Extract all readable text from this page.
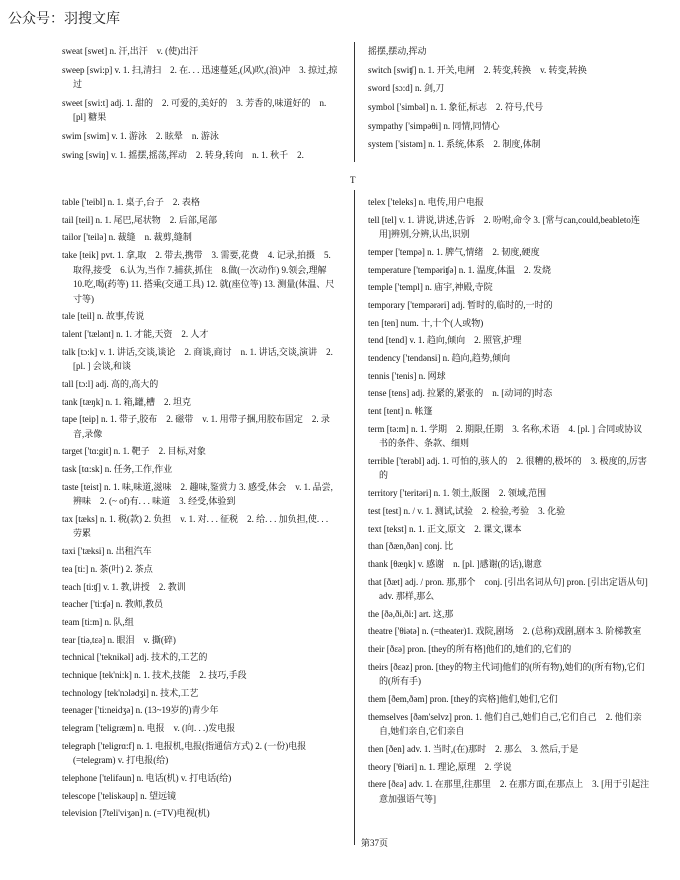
公众号：羽搜文库
sweat [swet] n. 汗,出汗　v. (使)出汗
sweep [swi:p] v. 1. 扫,清扫　2. 在. . . 迅速蔓延,(风)吹,(浪)冲　3. 掠过,掠过
sweet [swi:t] adj. 1. 甜的　2. 可爱的,美好的　3. 芳香的,味道好的　n. [pl] 糖果
swim [swim] v. 1. 游泳　2. 眩晕　n. 游泳
swing [swiŋ] v. 1. 摇摆,摇荡,挥动　2. 转身,转向　n. 1. 秋千　2.
摇摆,摆动,挥动
switch [swiʧ] n. 1. 开关,电闸　2. 转变,转换　v. 转变,转换
sword [sɔ:d] n. 剑,刀
symbol ['simbəl] n. 1. 象征,标志　2. 符号,代号
sympathy ['simpəθi] n. 同情,同情心
system ['sistəm] n. 1. 系统,体系　2. 制度,体制
T
table ['teibl] n. 1. 桌子,台子　2. 表格
tail [teil] n. 1. 尾巴,尾状物　2. 后部,尾部
tailor ['teilə] n. 裁缝　n. 裁剪,缝制
take [teik] pvt. 1. 拿,取　2. 带去,携带　3. 需要,花费　4. 记录,拍摄　5.取得,接受　6.认为,当作 7.捕获,抓住　8.做(一次动作) 9.领会,理解　10.吃,喝(药等) 11. 搭乘(交通工具) 12. 就(座位等) 13. 测量(体温、尺寸等)
tale [teil] n. 故事,传说
talent ['tælənt] n. 1. 才能,天资　2. 人才
talk [tɔ:k] v. 1. 讲话,交谈,谈论　2. 商谈,商讨　n. 1. 讲话,交谈,演讲　2. [pl. ] 会谈,和谈
tall [tɔ:l] adj. 高的,高大的
tank [tæŋk] n. 1. 箱,罐,槽　2. 坦克
tape [teip] n. 1. 带子,胶布　2. 磁带　v. 1. 用带子捆,用胶布固定　2. 录音,录像
target ['tɑ:git] n. 1. 靶子　2. 目标,对象
task [tɑ:sk] n. 任务,工作,作业
taste [teist] n. 1. 味,味道,滋味　2. 趣味,鉴赏力 3. 感受,体会　v. 1. 品尝,辨味　2. (~ of)有. . . 味道　3. 经受,体验到
tax [tæks] n. 1. 税(款) 2. 负担　v. 1. 对. . . 征税　2. 给. . . 加负担,使. . . 劳累
taxi ['tæksi] n. 出租汽车
tea [ti:] n. 茶(叶) 2. 茶点
teach [ti:ʧ] v. 1. 教,讲授　2. 教训
teacher ['ti:ʧə] n. 教师,教员
team [ti:m] n. 队,组
tear [tiə,tεə] n. 眼泪　v. 撕(碎)
technical ['teknikəl] adj. 技术的,工艺的
technique [tek'ni:k] n. 1. 技术,技能　2. 技巧,手段
technology [tek'nɔlədʒi] n. 技术,工艺
teenager ['ti:neidʒə] n. (13~19岁的)青少年
telegram ['teligræm] n. 电报　v. (向. . .)发电报
telegraph ['teligrɑ:f] n. 1. 电报机,电报(指通信方式) 2. (一份)电报(=telegram) v. 打电报(给)
telephone ['telifəun] n. 电话(机) v. 打电话(给)
telescope ['teliskəup] n. 望远镜
television [7teli'viʒən] n. (=TV)电视(机)
telex ['teleks] n. 电传,用户电报
tell [tel] v. 1. 讲说,讲述,告诉　2. 吩咐,命令 3. [常与can,could,beableto连用]辨别,分辨,认出,识别
temper ['tempə] n. 1. 脾气,情绪　2. 韧度,硬度
temperature ['tempəriʧə] n. 1. 温度,体温　2. 发烧
temple ['templ] n. 庙宇,神殿,寺院
temporary ['tempərəri] adj. 暂时的,临时的,一时的
ten [ten] num. 十,十个(人或物)
tend [tend] v. 1. 趋向,倾向　2. 照管,护理
tendency ['tendənsi] n. 趋向,趋势,倾向
tennis ['tenis] n. 网球
tense [tens] adj. 拉紧的,紧张的　n. [动词的]时态
tent [tent] n. 帐篷
term [tə:m] n. 1. 学期　2. 期限,任期　3. 名称,术语　4. [pl. ] 合同或协议书的条件、条款、细则
terrible ['terəbl] adj. 1. 可怕的,骇人的　2. 很糟的,极坏的　3. 极度的,厉害的
territory ['teritəri] n. 1. 领土,版图　2. 领域,范围
test [test] n. / v. 1. 测试,试验　2. 检验,考验　3. 化验
text [tekst] n. 1. 正文,原文　2. 课文,课本
than [ðæn,ðən] conj. 比
thank [θæŋk] v. 感谢　n. [pl. ]感谢(的话),谢意
that [ðæt] adj. / pron. 那,那个　conj. [引出名词从句] pron. [引出定语从句] adv. 那样,那么
the [ðə,ði,ði:] art. 这,那
theatre ['θiətə] n. (=theater)1. 戏院,剧场　2. (总称)戏剧,剧本 3. 阶梯教室
their [ðεə] pron. [they的所有格]他们的,她们的,它们的
theirs [ðεəz] pron. [they的物主代词]他们的(所有物),她们的(所有物),它们的(所有手)
them [ðem,ðəm] pron. [they的宾格]他们,她们,它们
themselves [ðəm'selvz] pron. 1. 他们自己,她们自己,它们自己　2. 他们亲自,她们亲自,它们亲自
then [ðen] adv. 1. 当时,(在)那时　2. 那么　3. 然后,于是
theory ['θiəri] n. 1. 理论,原理　2. 学说
there [ðεə] adv. 1. 在那里,往那里　2. 在那方面,在那点上　3. [用于引起注意加强语气等]
第37页
